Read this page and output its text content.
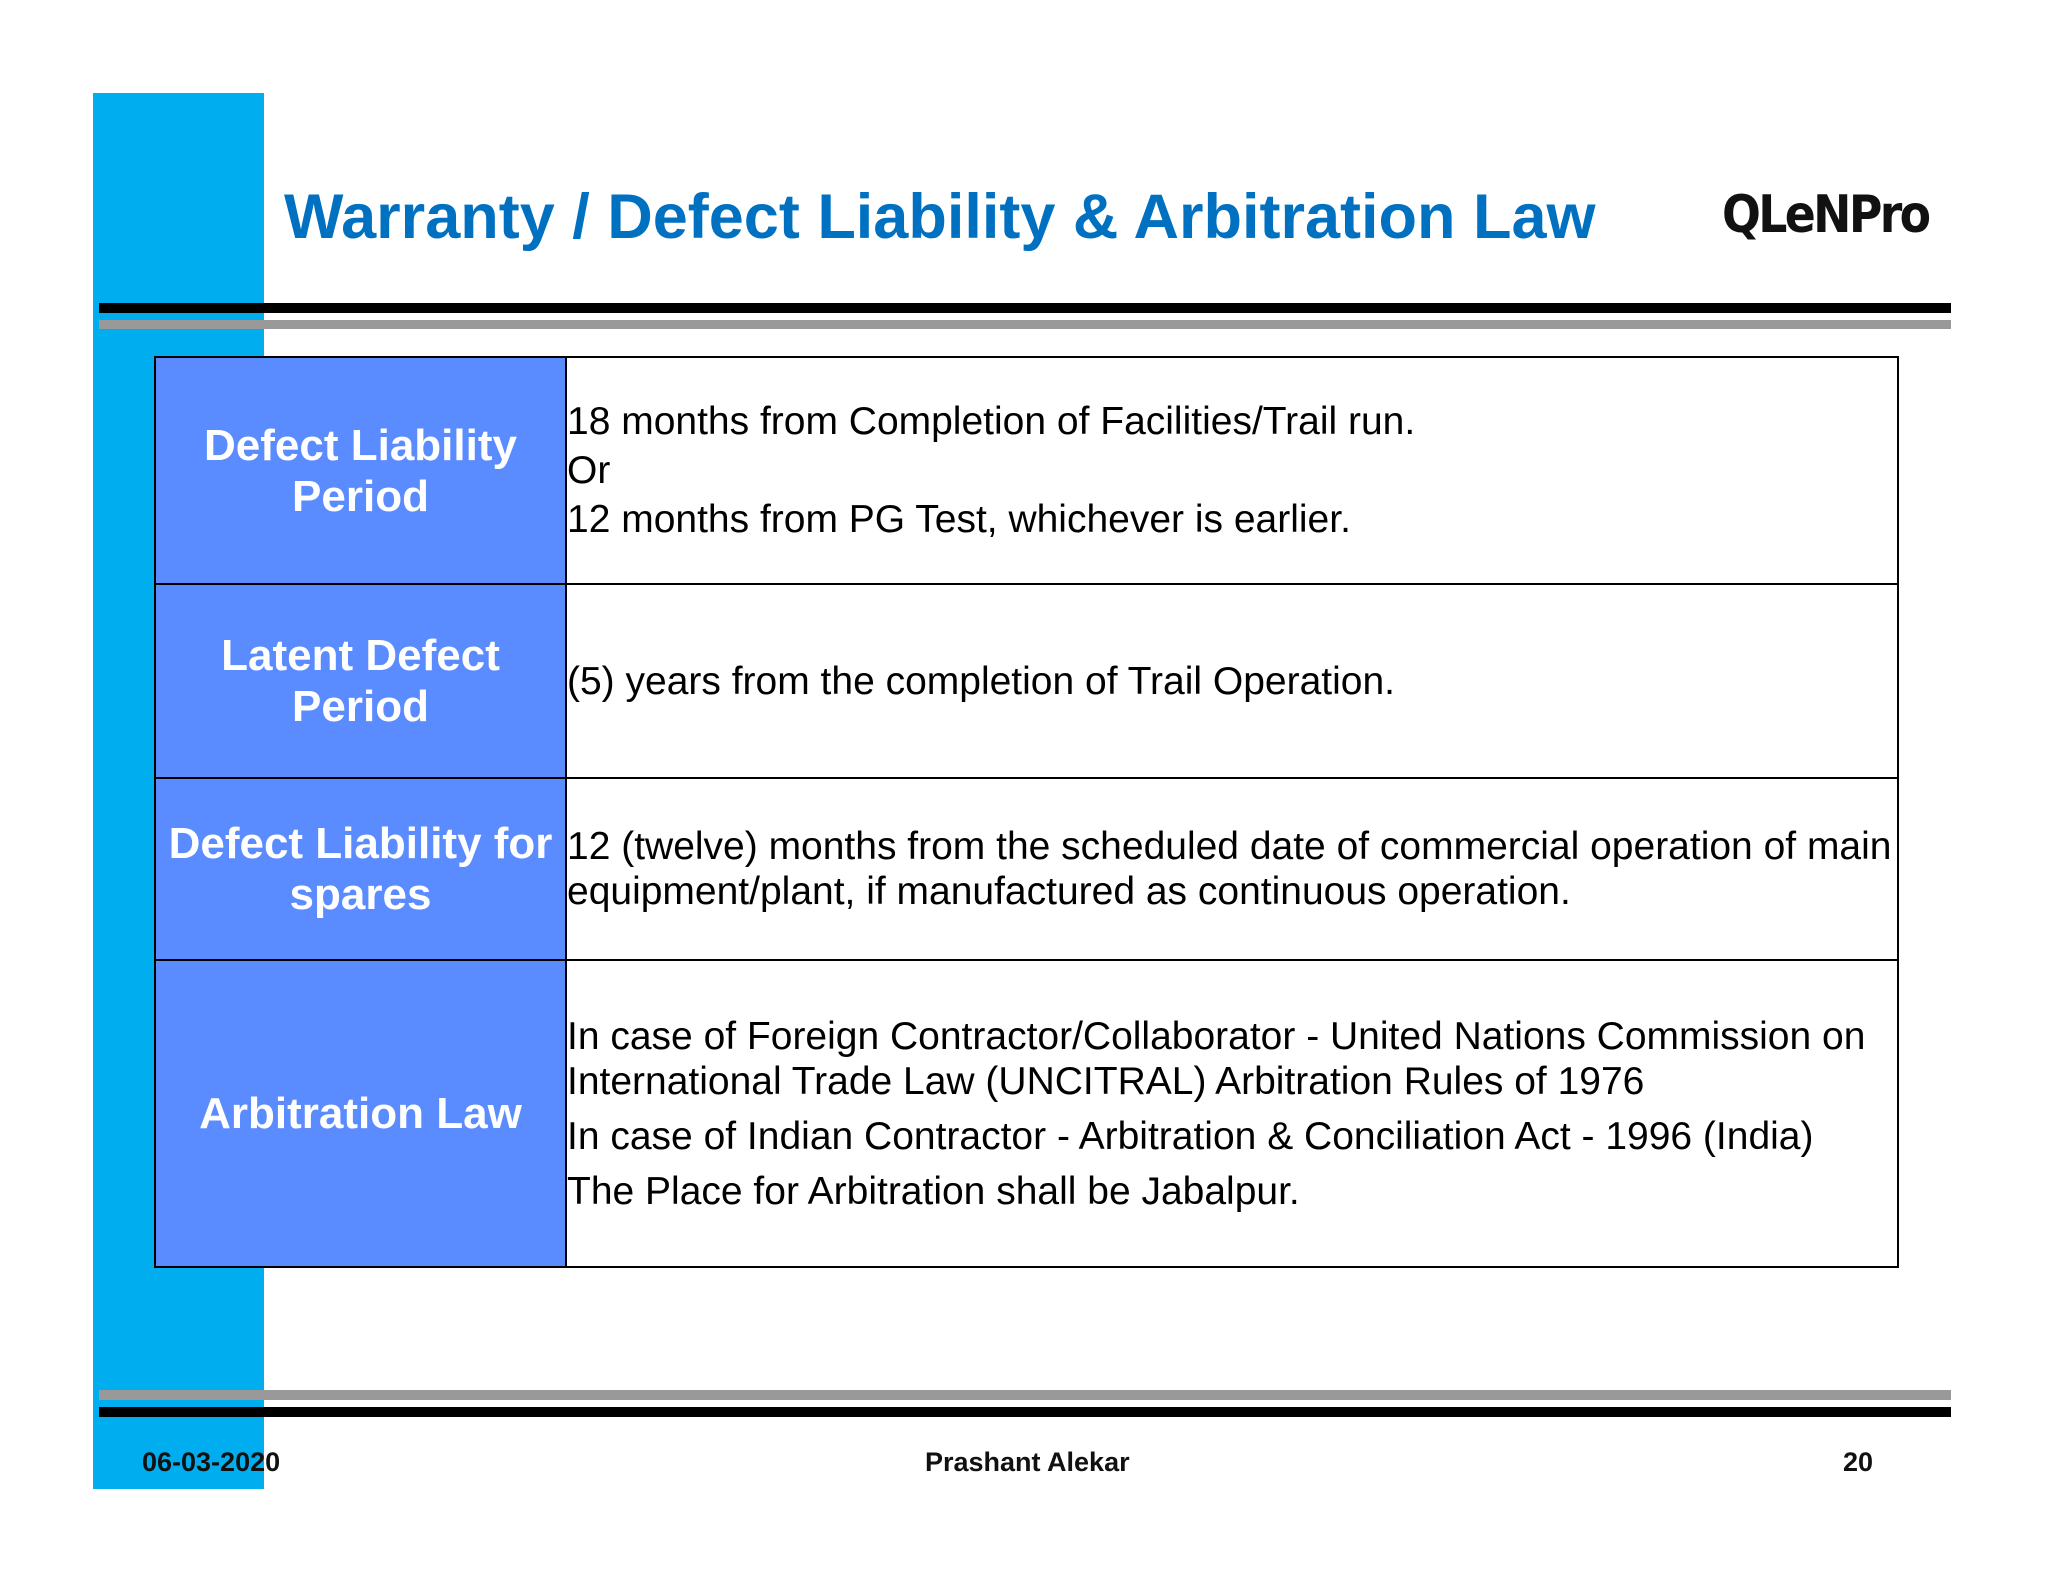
Warranty / Defect Liability & Arbitration Law QLeNPro
Defect Liability Period	18 months from Completion of Facilities/Trail run.
Or
12 months from PG Test, whichever is earlier.

Latent Defect Period	(5) years from the completion of Trail Operation.

Defect Liability for spares	12 (twelve) months from the scheduled date of commercial operation of main equipment/plant, if manufactured as continuous operation.

Arbitration Law	In case of Foreign Contractor/Collaborator - United Nations Commission on International Trade Law (UNCITRAL) Arbitration Rules of 1976

In case of Indian Contractor - Arbitration & Conciliation Act - 1996 (India)

The Place for Arbitration shall be Jabalpur.

06-03-2020	Prashant Alekar	20
